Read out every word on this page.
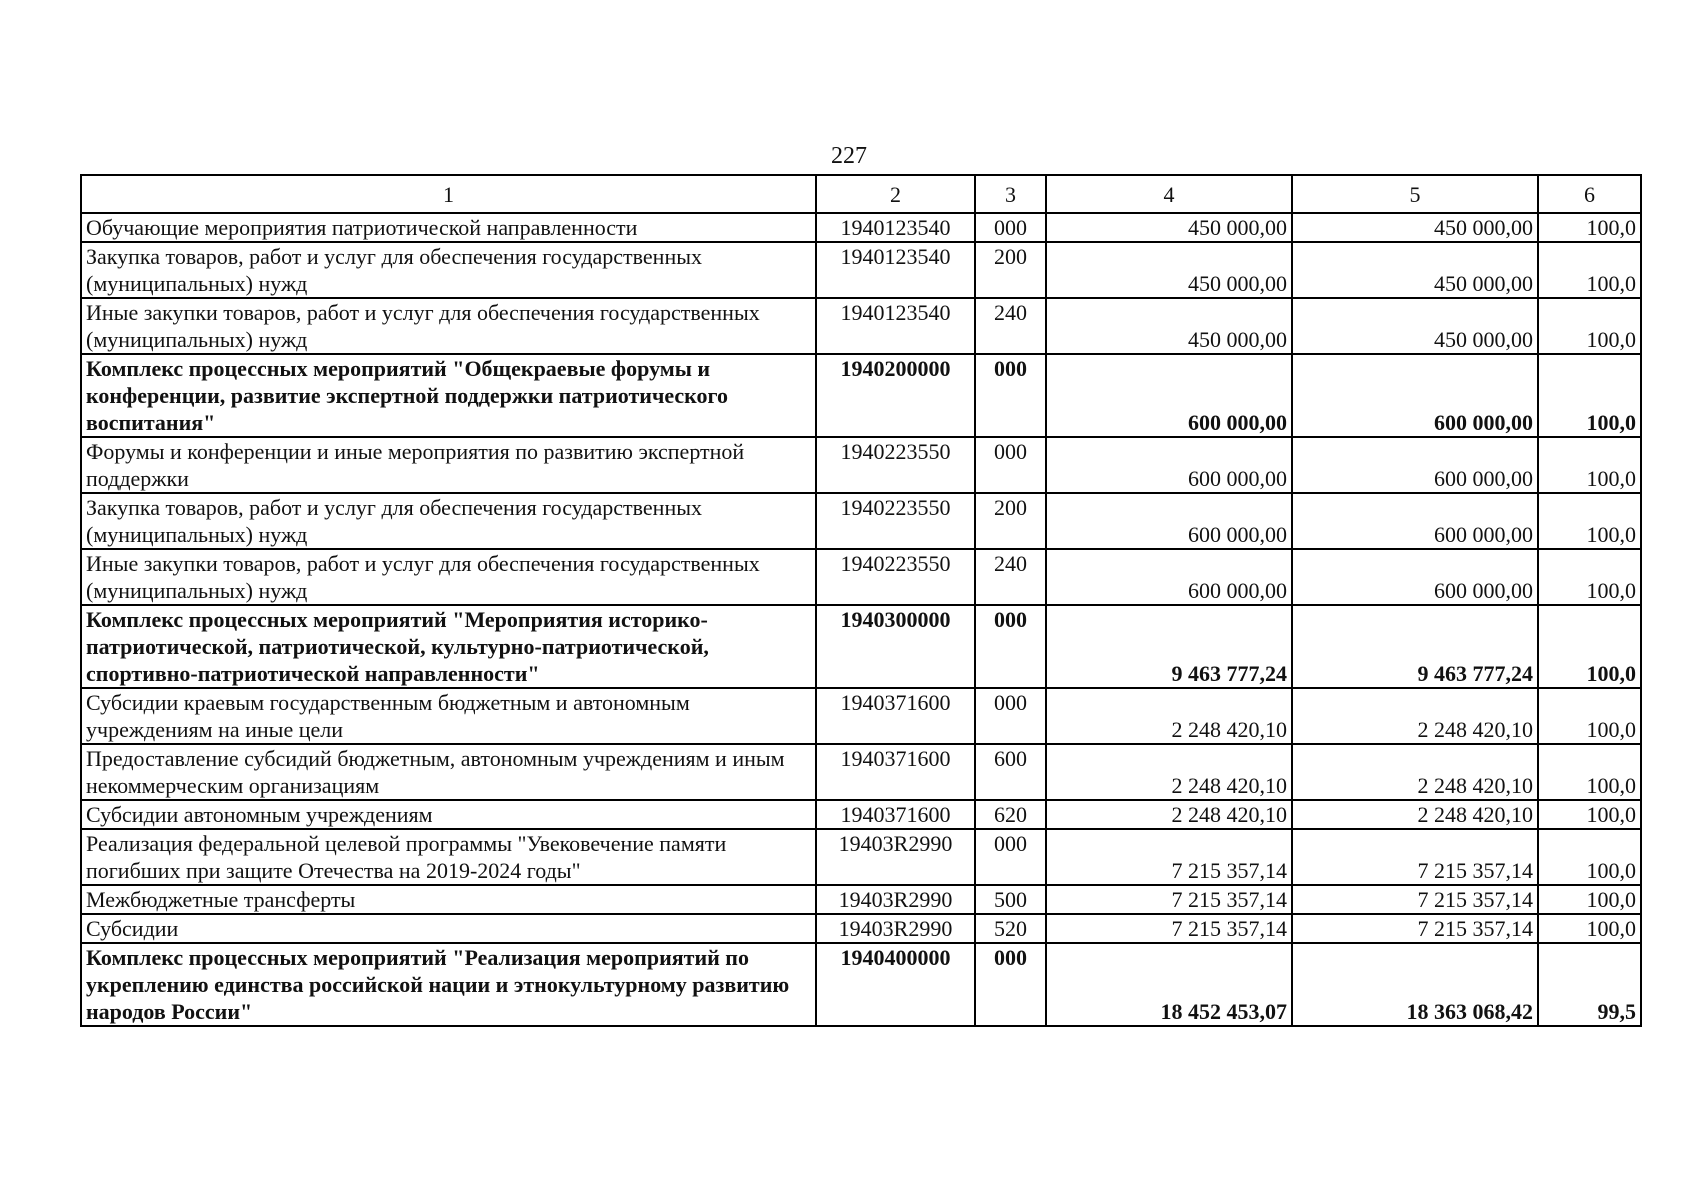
227
1	2	3	4	5	6
Обучающие мероприятия патриотической направленности	1940123540	000	450 000,00	450 000,00	100,0
Закупка товаров, работ и услуг для обеспечения государственных (муниципальных) нужд	1940123540	200	450 000,00	450 000,00	100,0
Иные закупки товаров, работ и услуг для обеспечения государственных (муниципальных) нужд	1940123540	240	450 000,00	450 000,00	100,0
Комплекс процессных мероприятий "Общекраевые форумы и конференции, развитие экспертной поддержки патриотического воспитания"	1940200000	000	600 000,00	600 000,00	100,0
Форумы и конференции и иные мероприятия по развитию экспертной поддержки	1940223550	000	600 000,00	600 000,00	100,0
Закупка товаров, работ и услуг для обеспечения государственных (муниципальных) нужд	1940223550	200	600 000,00	600 000,00	100,0
Иные закупки товаров, работ и услуг для обеспечения государственных (муниципальных) нужд	1940223550	240	600 000,00	600 000,00	100,0
Комплекс процессных мероприятий "Мероприятия историко-патриотической, патриотической, культурно-патриотической, спортивно-патриотической направленности"	1940300000	000	9 463 777,24	9 463 777,24	100,0
Субсидии краевым государственным бюджетным и автономным учреждениям на иные цели	1940371600	000	2 248 420,10	2 248 420,10	100,0
Предоставление субсидий бюджетным, автономным учреждениям и иным некоммерческим организациям	1940371600	600	2 248 420,10	2 248 420,10	100,0
Субсидии автономным учреждениям	1940371600	620	2 248 420,10	2 248 420,10	100,0
Реализация федеральной целевой программы "Увековечение памяти погибших при защите Отечества на 2019-2024 годы"	19403R2990	000	7 215 357,14	7 215 357,14	100,0
Межбюджетные трансферты	19403R2990	500	7 215 357,14	7 215 357,14	100,0
Субсидии	19403R2990	520	7 215 357,14	7 215 357,14	100,0
Комплекс процессных мероприятий "Реализация мероприятий по укреплению единства российской нации и этнокультурному развитию народов России"	1940400000	000	18 452 453,07	18 363 068,42	99,5
